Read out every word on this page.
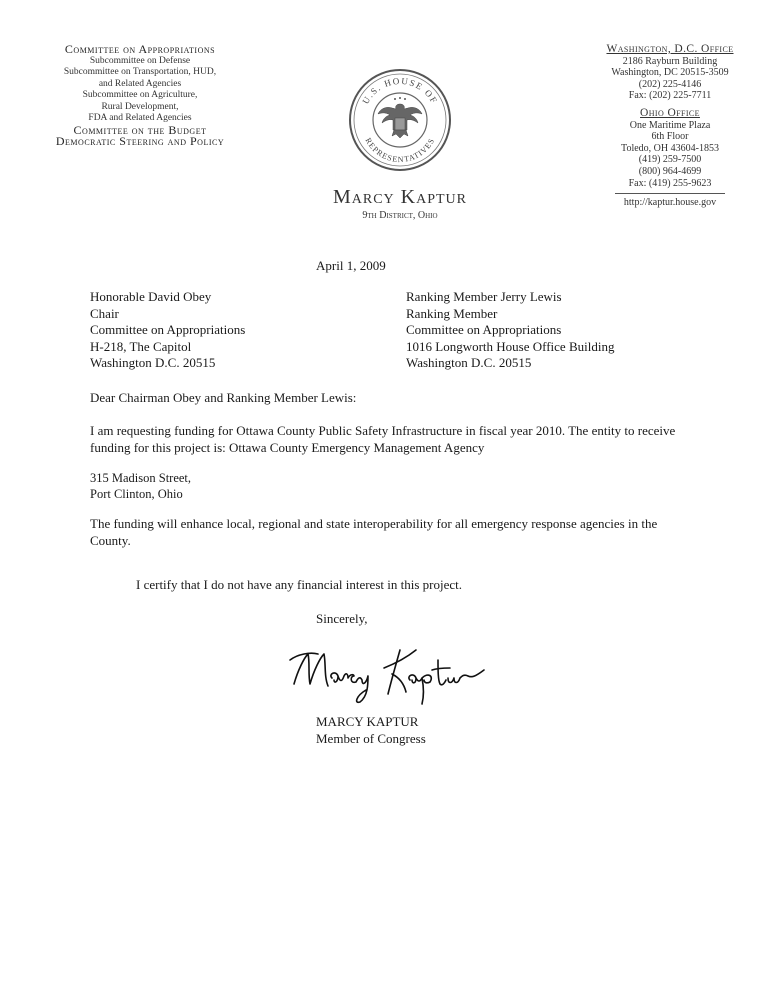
Committee on Appropriations
Subcommittee on Defense
Subcommittee on Transportation, HUD,
and Related Agencies
Subcommittee on Agriculture,
Rural Development,
FDA and Related Agencies
Committee on the Budget
Democratic Steering and Policy
U.S. HOUSE OF
REPRESENTATIVES
Marcy Kaptur
9th District, Ohio
Washington, D.C. Office
2186 Rayburn Building
Washington, DC 20515-3509
(202) 225-4146
Fax: (202) 225-7711
Ohio Office
One Maritime Plaza
6th Floor
Toledo, OH 43604-1853
(419) 259-7500
(800) 964-4699
Fax: (419) 255-9623
http://kaptur.house.gov
April 1, 2009
Honorable David Obey
Chair
Committee on Appropriations
H-218, The Capitol
Washington D.C. 20515
Ranking Member Jerry Lewis
Ranking Member
Committee on Appropriations
1016 Longworth House Office Building
Washington D.C. 20515
Dear Chairman Obey and Ranking Member Lewis:
I am requesting funding for Ottawa County Public Safety Infrastructure in fiscal year 2010. The entity to receive funding for this project is: Ottawa County Emergency Management Agency
315 Madison Street,
Port Clinton, Ohio
The funding will enhance local, regional and state interoperability for all emergency response agencies in the County.
I certify that I do not have any financial interest in this project.
Sincerely,
MARCY KAPTUR
Member of Congress
